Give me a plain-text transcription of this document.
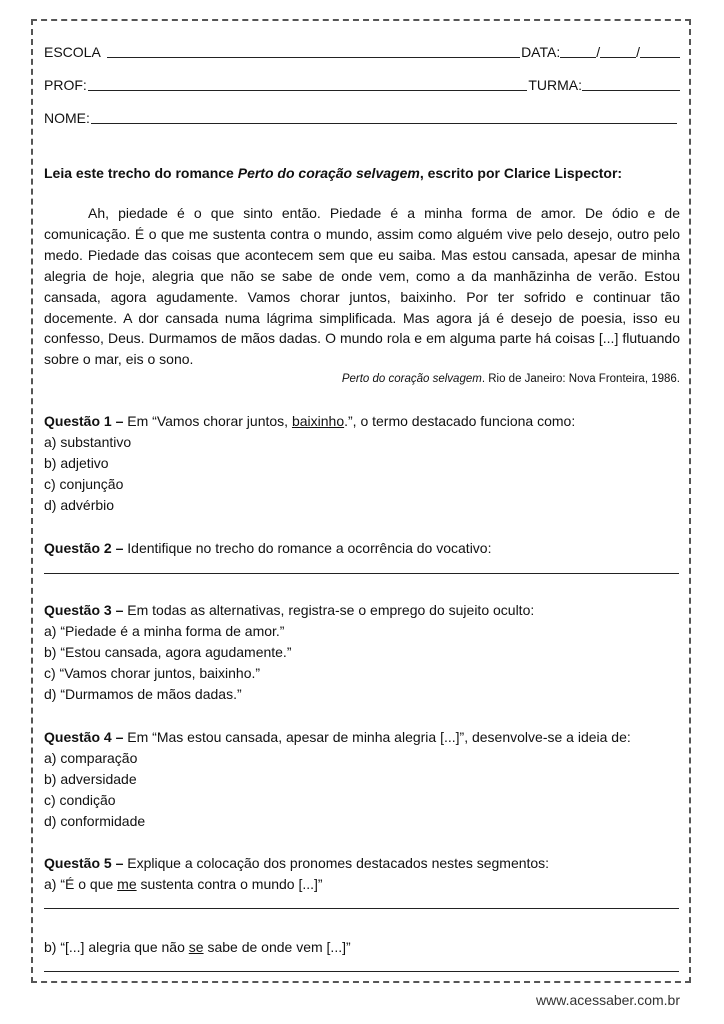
ESCOLA	DATA:	/	/
PROF:	TURMA:
NOME:
Leia este trecho do romance Perto do coração selvagem, escrito por Clarice Lispector:

Ah, piedade é o que sinto então. Piedade é a minha forma de amor. De ódio e de comunicação. É o que me sustenta contra o mundo, assim como alguém vive pelo desejo, outro pelo medo. Piedade das coisas que acontecem sem que eu saiba. Mas estou cansada, apesar de minha alegria de hoje, alegria que não se sabe de onde vem, como a da manhãzinha de verão. Estou cansada, agora agudamente. Vamos chorar juntos, baixinho. Por ter sofrido e continuar tão docemente. A dor cansada numa lágrima simplificada. Mas agora já é desejo de poesia, isso eu confesso, Deus. Durmamos de mãos dadas. O mundo rola e em alguma parte há coisas [...] flutuando sobre o mar, eis o sono.

Perto do coração selvagem. Rio de Janeiro: Nova Fronteira, 1986.
Questão 1 – Em “Vamos chorar juntos, baixinho.”, o termo destacado funciona como:
a) substantivo
b) adjetivo
c) conjunção
d) advérbio
Questão 2 – Identifique no trecho do romance a ocorrência do vocativo:
Questão 3 – Em todas as alternativas, registra-se o emprego do sujeito oculto:
a) “Piedade é a minha forma de amor.”
b) “Estou cansada, agora agudamente.”
c) “Vamos chorar juntos, baixinho.”
d) “Durmamos de mãos dadas.”
Questão 4 – Em “Mas estou cansada, apesar de minha alegria [...]”, desenvolve-se a ideia de:
a) comparação
b) adversidade
c) condição
d) conformidade
Questão 5 – Explique a colocação dos pronomes destacados nestes segmentos:
a) “É o que me sustenta contra o mundo [...]”
b) “[...] alegria que não se sabe de onde vem [...]”
www.acessaber.com.br
